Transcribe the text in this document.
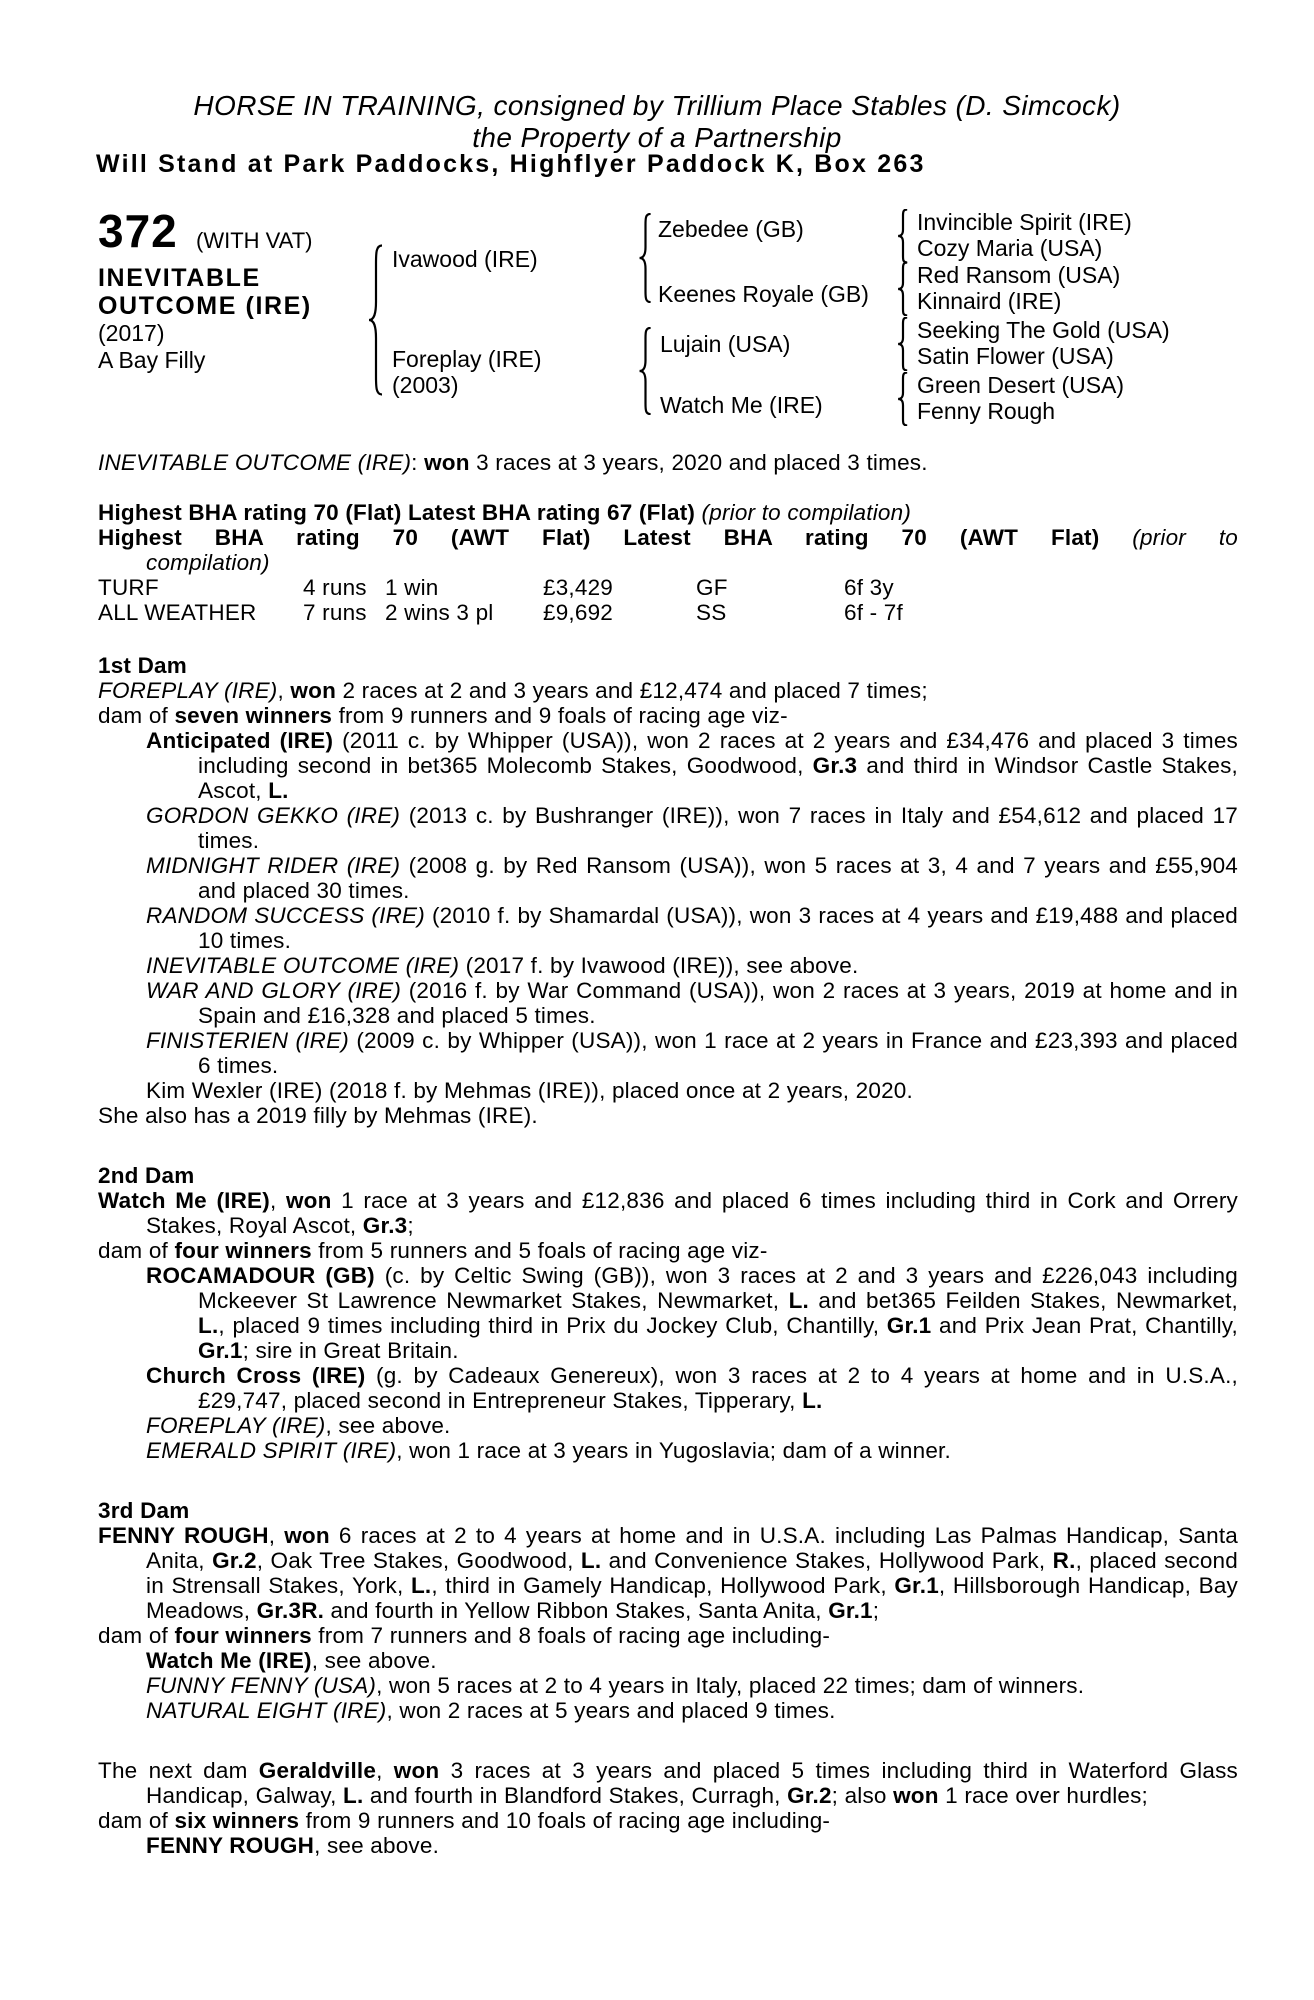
HORSE IN TRAINING, consigned by Trillium Place Stables (D. Simcock)
the Property of a Partnership
Will Stand at Park Paddocks, Highflyer Paddock K, Box 263
372 (WITH VAT)
INEVITABLE
OUTCOME (IRE)
(2017)
A Bay Filly
Ivawood (IRE)
Foreplay (IRE)
(2003)
Zebedee (GB)
Keenes Royale (GB)
Lujain (USA)
Watch Me (IRE)
Invincible Spirit (IRE)
Cozy Maria (USA)
Red Ransom (USA)
Kinnaird (IRE)
Seeking The Gold (USA)
Satin Flower (USA)
Green Desert (USA)
Fenny Rough
INEVITABLE OUTCOME (IRE): won 3 races at 3 years, 2020 and placed 3 times.
Highest BHA rating 70 (Flat) Latest BHA rating 67 (Flat) (prior to compilation)
Highest BHA rating 70 (AWT Flat) Latest BHA rating 70 (AWT Flat) (prior to
compilation)
TURF	4 runs 1 win	£3,429	GF	6f 3y
ALL WEATHER	7 runs 2 wins 3 pl	£9,692	SS	6f - 7f
1st Dam
FOREPLAY (IRE), won 2 races at 2 and 3 years and £12,474 and placed 7 times;
dam of seven winners from 9 runners and 9 foals of racing age viz-
Anticipated (IRE) (2011 c. by Whipper (USA)), won 2 races at 2 years and £34,476 and placed 3 times including second in bet365 Molecomb Stakes, Goodwood, Gr.3 and third in Windsor Castle Stakes, Ascot, L.
GORDON GEKKO (IRE) (2013 c. by Bushranger (IRE)), won 7 races in Italy and £54,612 and placed 17 times.
MIDNIGHT RIDER (IRE) (2008 g. by Red Ransom (USA)), won 5 races at 3, 4 and 7 years and £55,904 and placed 30 times.
RANDOM SUCCESS (IRE) (2010 f. by Shamardal (USA)), won 3 races at 4 years and £19,488 and placed 10 times.
INEVITABLE OUTCOME (IRE) (2017 f. by Ivawood (IRE)), see above.
WAR AND GLORY (IRE) (2016 f. by War Command (USA)), won 2 races at 3 years, 2019 at home and in Spain and £16,328 and placed 5 times.
FINISTERIEN (IRE) (2009 c. by Whipper (USA)), won 1 race at 2 years in France and £23,393 and placed 6 times.
Kim Wexler (IRE) (2018 f. by Mehmas (IRE)), placed once at 2 years, 2020.
She also has a 2019 filly by Mehmas (IRE).
2nd Dam
Watch Me (IRE), won 1 race at 3 years and £12,836 and placed 6 times including third in Cork and Orrery Stakes, Royal Ascot, Gr.3;
dam of four winners from 5 runners and 5 foals of racing age viz-
ROCAMADOUR (GB) (c. by Celtic Swing (GB)), won 3 races at 2 and 3 years and £226,043 including Mckeever St Lawrence Newmarket Stakes, Newmarket, L. and bet365 Feilden Stakes, Newmarket, L., placed 9 times including third in Prix du Jockey Club, Chantilly, Gr.1 and Prix Jean Prat, Chantilly, Gr.1; sire in Great Britain.
Church Cross (IRE) (g. by Cadeaux Genereux), won 3 races at 2 to 4 years at home and in U.S.A., £29,747, placed second in Entrepreneur Stakes, Tipperary, L.
FOREPLAY (IRE), see above.
EMERALD SPIRIT (IRE), won 1 race at 3 years in Yugoslavia; dam of a winner.
3rd Dam
FENNY ROUGH, won 6 races at 2 to 4 years at home and in U.S.A. including Las Palmas Handicap, Santa Anita, Gr.2, Oak Tree Stakes, Goodwood, L. and Convenience Stakes, Hollywood Park, R., placed second in Strensall Stakes, York, L., third in Gamely Handicap, Hollywood Park, Gr.1, Hillsborough Handicap, Bay Meadows, Gr.3R. and fourth in Yellow Ribbon Stakes, Santa Anita, Gr.1;
dam of four winners from 7 runners and 8 foals of racing age including-
Watch Me (IRE), see above.
FUNNY FENNY (USA), won 5 races at 2 to 4 years in Italy, placed 22 times; dam of winners.
NATURAL EIGHT (IRE), won 2 races at 5 years and placed 9 times.
The next dam Geraldville, won 3 races at 3 years and placed 5 times including third in Waterford Glass Handicap, Galway, L. and fourth in Blandford Stakes, Curragh, Gr.2; also won 1 race over hurdles;
dam of six winners from 9 runners and 10 foals of racing age including-
FENNY ROUGH, see above.
